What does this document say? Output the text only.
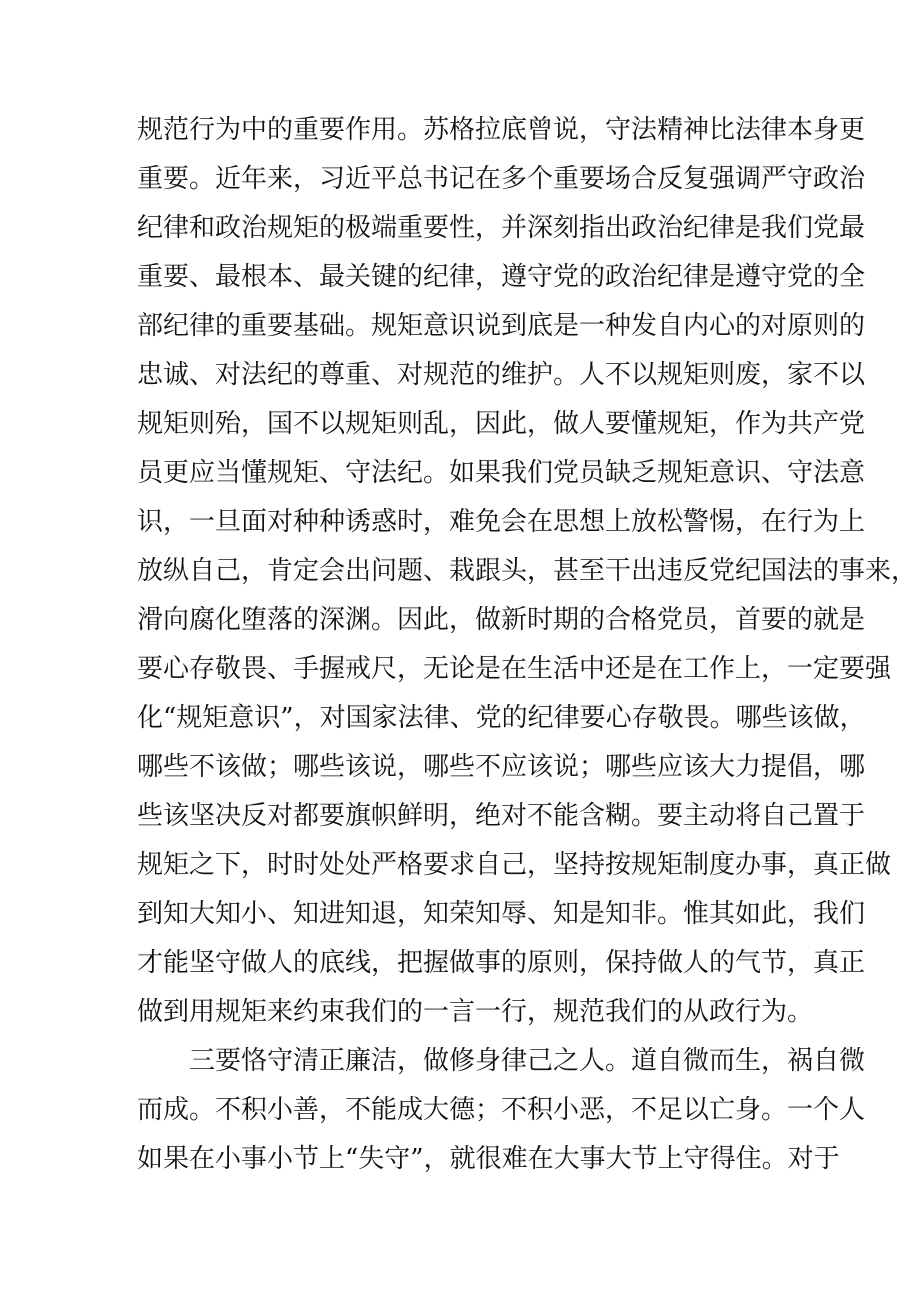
规范行为中的重要作用。苏格拉底曾说，守法精神比法律本身更
重要。近年来，习近平总书记在多个重要场合反复强调严守政治
纪律和政治规矩的极端重要性，并深刻指出政治纪律是我们党最
重要、最根本、最关键的纪律，遵守党的政治纪律是遵守党的全
部纪律的重要基础。规矩意识说到底是一种发自内心的对原则的
忠诚、对法纪的尊重、对规范的维护。人不以规矩则废，家不以
规矩则殆，国不以规矩则乱，因此，做人要懂规矩，作为共产党
员更应当懂规矩、守法纪。如果我们党员缺乏规矩意识、守法意
识，一旦面对种种诱惑时，难免会在思想上放松警惕，在行为上
放纵自己，肯定会出问题、栽跟头，甚至干出违反党纪国法的事来，
滑向腐化堕落的深渊。因此，做新时期的合格党员，首要的就是
要心存敬畏、手握戒尺，无论是在生活中还是在工作上，一定要强
化“规矩意识”，对国家法律、党的纪律要心存敬畏。哪些该做，
哪些不该做；哪些该说，哪些不应该说；哪些应该大力提倡，哪
些该坚决反对都要旗帜鲜明，绝对不能含糊。要主动将自己置于
规矩之下，时时处处严格要求自己，坚持按规矩制度办事，真正做
到知大知小、知进知退，知荣知辱、知是知非。惟其如此，我们
才能坚守做人的底线，把握做事的原则，保持做人的气节，真正
做到用规矩来约束我们的一言一行，规范我们的从政行为。
三要恪守清正廉洁，做修身律己之人。道自微而生，祸自微
而成。不积小善，不能成大德；不积小恶，不足以亡身。一个人
如果在小事小节上“失守”，就很难在大事大节上守得住。对于
